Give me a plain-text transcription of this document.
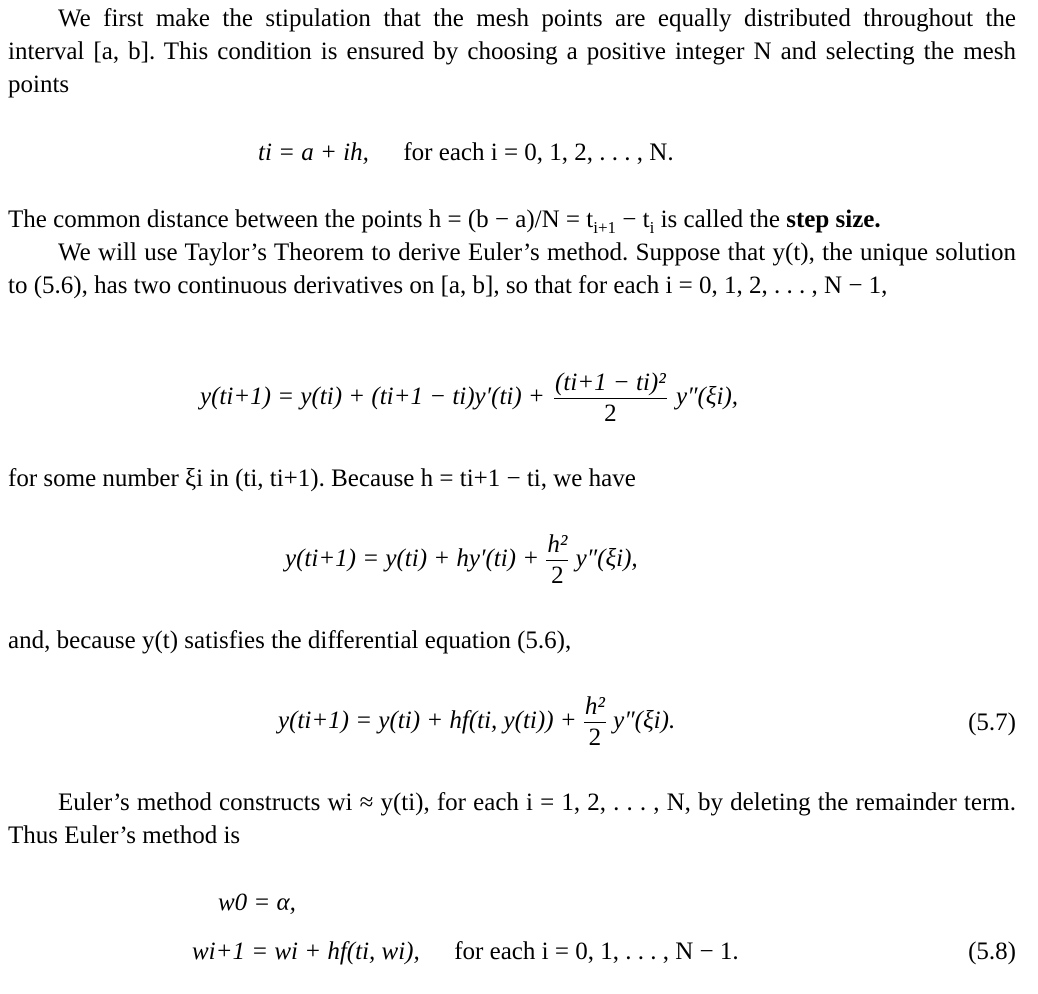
We first make the stipulation that the mesh points are equally distributed throughout the interval [a, b]. This condition is ensured by choosing a positive integer N and selecting the mesh points

ti = a + ih, for each i = 0, 1, 2, . . . , N.
The common distance between the points $h = (b - a)/N = t_{i+1} - t_i$ is called the step size.

We will use Taylor’s Theorem to derive Euler’s method. Suppose that y(t), the unique solution to (5.6), has two continuous derivatives on [a, b], so that for each i = 0, 1, 2, . . . , N − 1,

$y(ti+1) = y(ti) + (ti+1 - ti)y'(ti) + \frac{\text{(ti+1 − ti)²}}{2} y''(\xi i)$,
for some number ξi in (ti, ti+1). Because h = ti+1 − ti, we have
$y(ti+1) = y(ti) + hy'(ti) + \frac{\text{h²}}{2} y''(\xi i)$,
and, because y(t) satisfies the differential equation (5.6),
y(ti+1) = y(ti) + hf(ti, $y(ti)) + \frac{\text{h²}}{2} y''(\xi i)$.	(5.7)

Euler’s method constructs wi ≈ y(ti), for each i = 1, 2, . . . , N, by deleting the remainder term. Thus Euler’s method is

w0 = α,
wi+1 = wi + hf(ti, wi), for each i = 0, 1, . . . , N − 1.	(5.8)
